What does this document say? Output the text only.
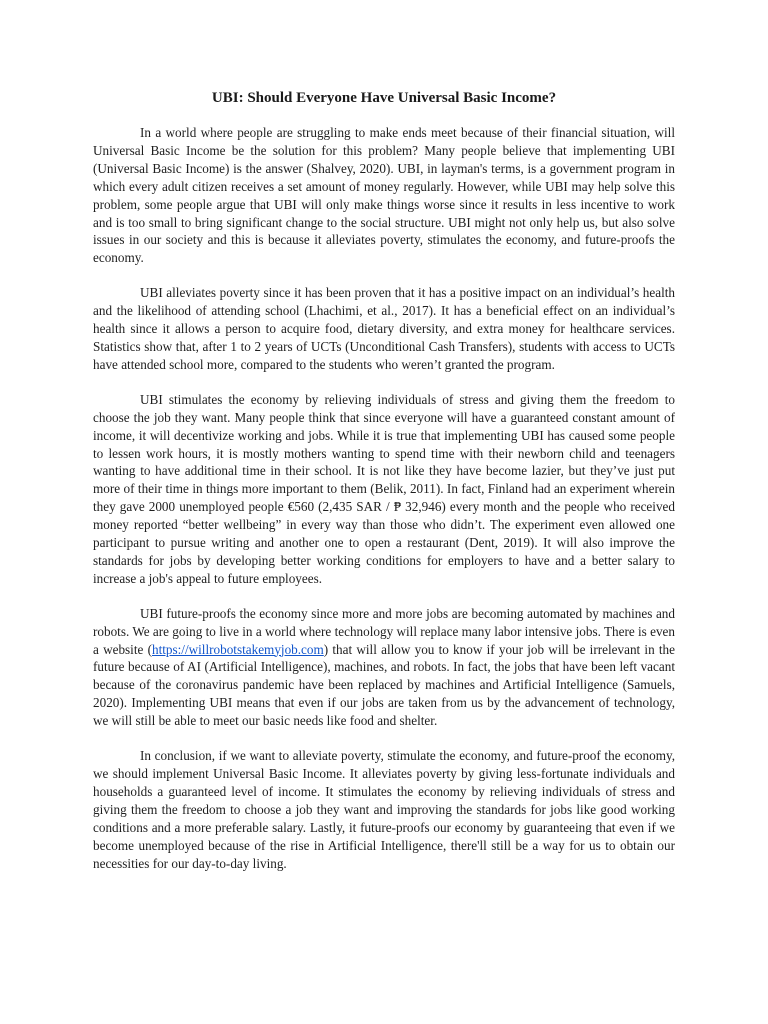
UBI: Should Everyone Have Universal Basic Income?

In a world where people are struggling to make ends meet because of their financial situation, will Universal Basic Income be the solution for this problem? Many people believe that implementing UBI (Universal Basic Income) is the answer (Shalvey, 2020). UBI, in layman's terms, is a government program in which every adult citizen receives a set amount of money regularly. However, while UBI may help solve this problem, some people argue that UBI will only make things worse since it results in less incentive to work and is too small to bring significant change to the social structure. UBI might not only help us, but also solve issues in our society and this is because it alleviates poverty, stimulates the economy, and future-proofs the economy.

UBI alleviates poverty since it has been proven that it has a positive impact on an individual’s health and the likelihood of attending school (Lhachimi, et al., 2017). It has a beneficial effect on an individual’s health since it allows a person to acquire food, dietary diversity, and extra money for healthcare services. Statistics show that, after 1 to 2 years of UCTs (Unconditional Cash Transfers), students with access to UCTs have attended school more, compared to the students who weren’t granted the program.

UBI stimulates the economy by relieving individuals of stress and giving them the freedom to choose the job they want. Many people think that since everyone will have a guaranteed constant amount of income, it will decentivize working and jobs. While it is true that implementing UBI has caused some people to lessen work hours, it is mostly mothers wanting to spend time with their newborn child and teenagers wanting to have additional time in their school. It is not like they have become lazier, but they’ve just put more of their time in things more important to them (Belik, 2011). In fact, Finland had an experiment wherein they gave 2000 unemployed people €560 (2,435 SAR / ₱ 32,946) every month and the people who received money reported “better wellbeing” in every way than those who didn’t. The experiment even allowed one participant to pursue writing and another one to open a restaurant (Dent, 2019). It will also improve the standards for jobs by developing better working conditions for employers to have and a better salary to increase a job's appeal to future employees.

UBI future-proofs the economy since more and more jobs are becoming automated by machines and robots. We are going to live in a world where technology will replace many labor intensive jobs. There is even a website (https://willrobotstakemyjob.com) that will allow you to know if your job will be irrelevant in the future because of AI (Artificial Intelligence), machines, and robots. In fact, the jobs that have been left vacant because of the coronavirus pandemic have been replaced by machines and Artificial Intelligence (Samuels, 2020). Implementing UBI means that even if our jobs are taken from us by the advancement of technology, we will still be able to meet our basic needs like food and shelter.

In conclusion, if we want to alleviate poverty, stimulate the economy, and future-proof the economy, we should implement Universal Basic Income. It alleviates poverty by giving less-fortunate individuals and households a guaranteed level of income. It stimulates the economy by relieving individuals of stress and giving them the freedom to choose a job they want and improving the standards for jobs like good working conditions and a more preferable salary. Lastly, it future-proofs our economy by guaranteeing that even if we become unemployed because of the rise in Artificial Intelligence, there'll still be a way for us to obtain our necessities for our day-to-day living.
